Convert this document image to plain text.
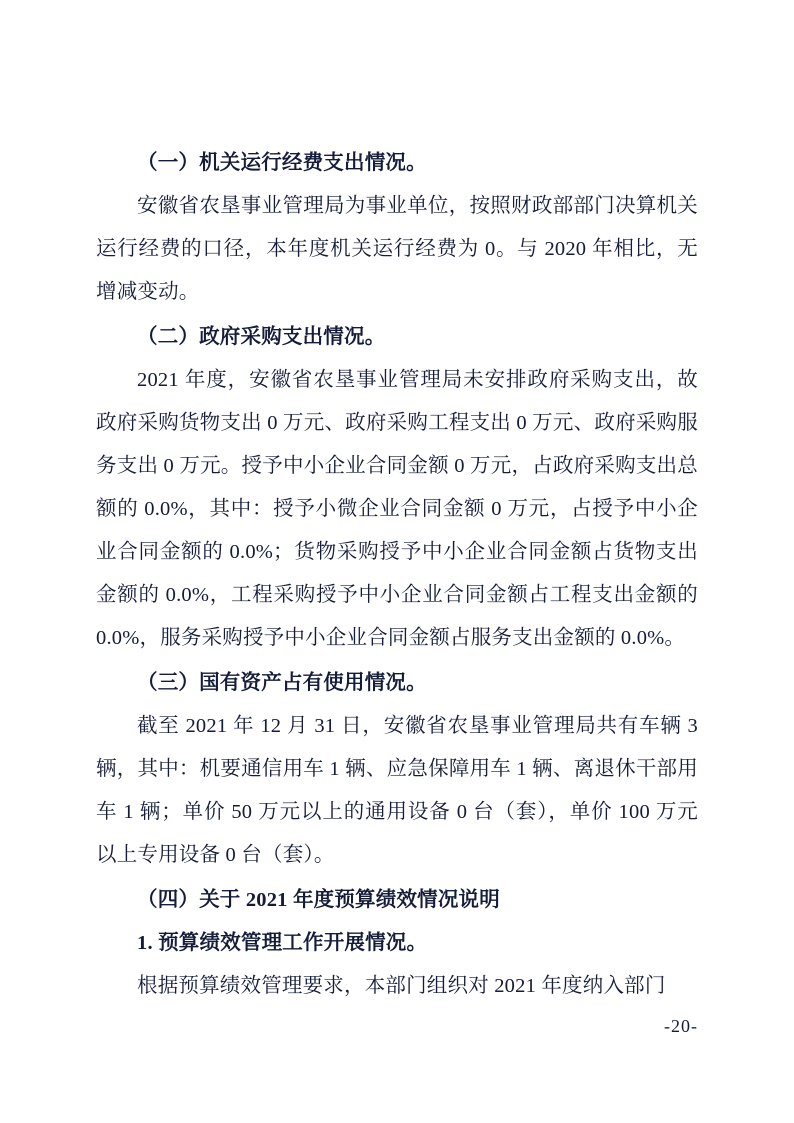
（一）机关运行经费支出情况。

安徽省农垦事业管理局为事业单位，按照财政部部门决算机关运行经费的口径，本年度机关运行经费为 0。与 2020 年相比，无增减变动。

（二）政府采购支出情况。

2021 年度，安徽省农垦事业管理局未安排政府采购支出，故政府采购货物支出 0 万元、政府采购工程支出 0 万元、政府采购服务支出 0 万元。授予中小企业合同金额 0 万元，占政府采购支出总额的 0.0%，其中：授予小微企业合同金额 0 万元，占授予中小企业合同金额的 0.0%；货物采购授予中小企业合同金额占货物支出金额的 0.0%，工程采购授予中小企业合同金额占工程支出金额的 0.0%，服务采购授予中小企业合同金额占服务支出金额的 0.0%。

（三）国有资产占有使用情况。

截至 2021 年 12 月 31 日，安徽省农垦事业管理局共有车辆 3 辆，其中：机要通信用车 1 辆、应急保障用车 1 辆、离退休干部用车 1 辆；单价 50 万元以上的通用设备 0 台（套），单价 100 万元以上专用设备 0 台（套）。

（四）关于 2021 年度预算绩效情况说明

1. 预算绩效管理工作开展情况。

根据预算绩效管理要求，本部门组织对 2021 年度纳入部门

-20-
